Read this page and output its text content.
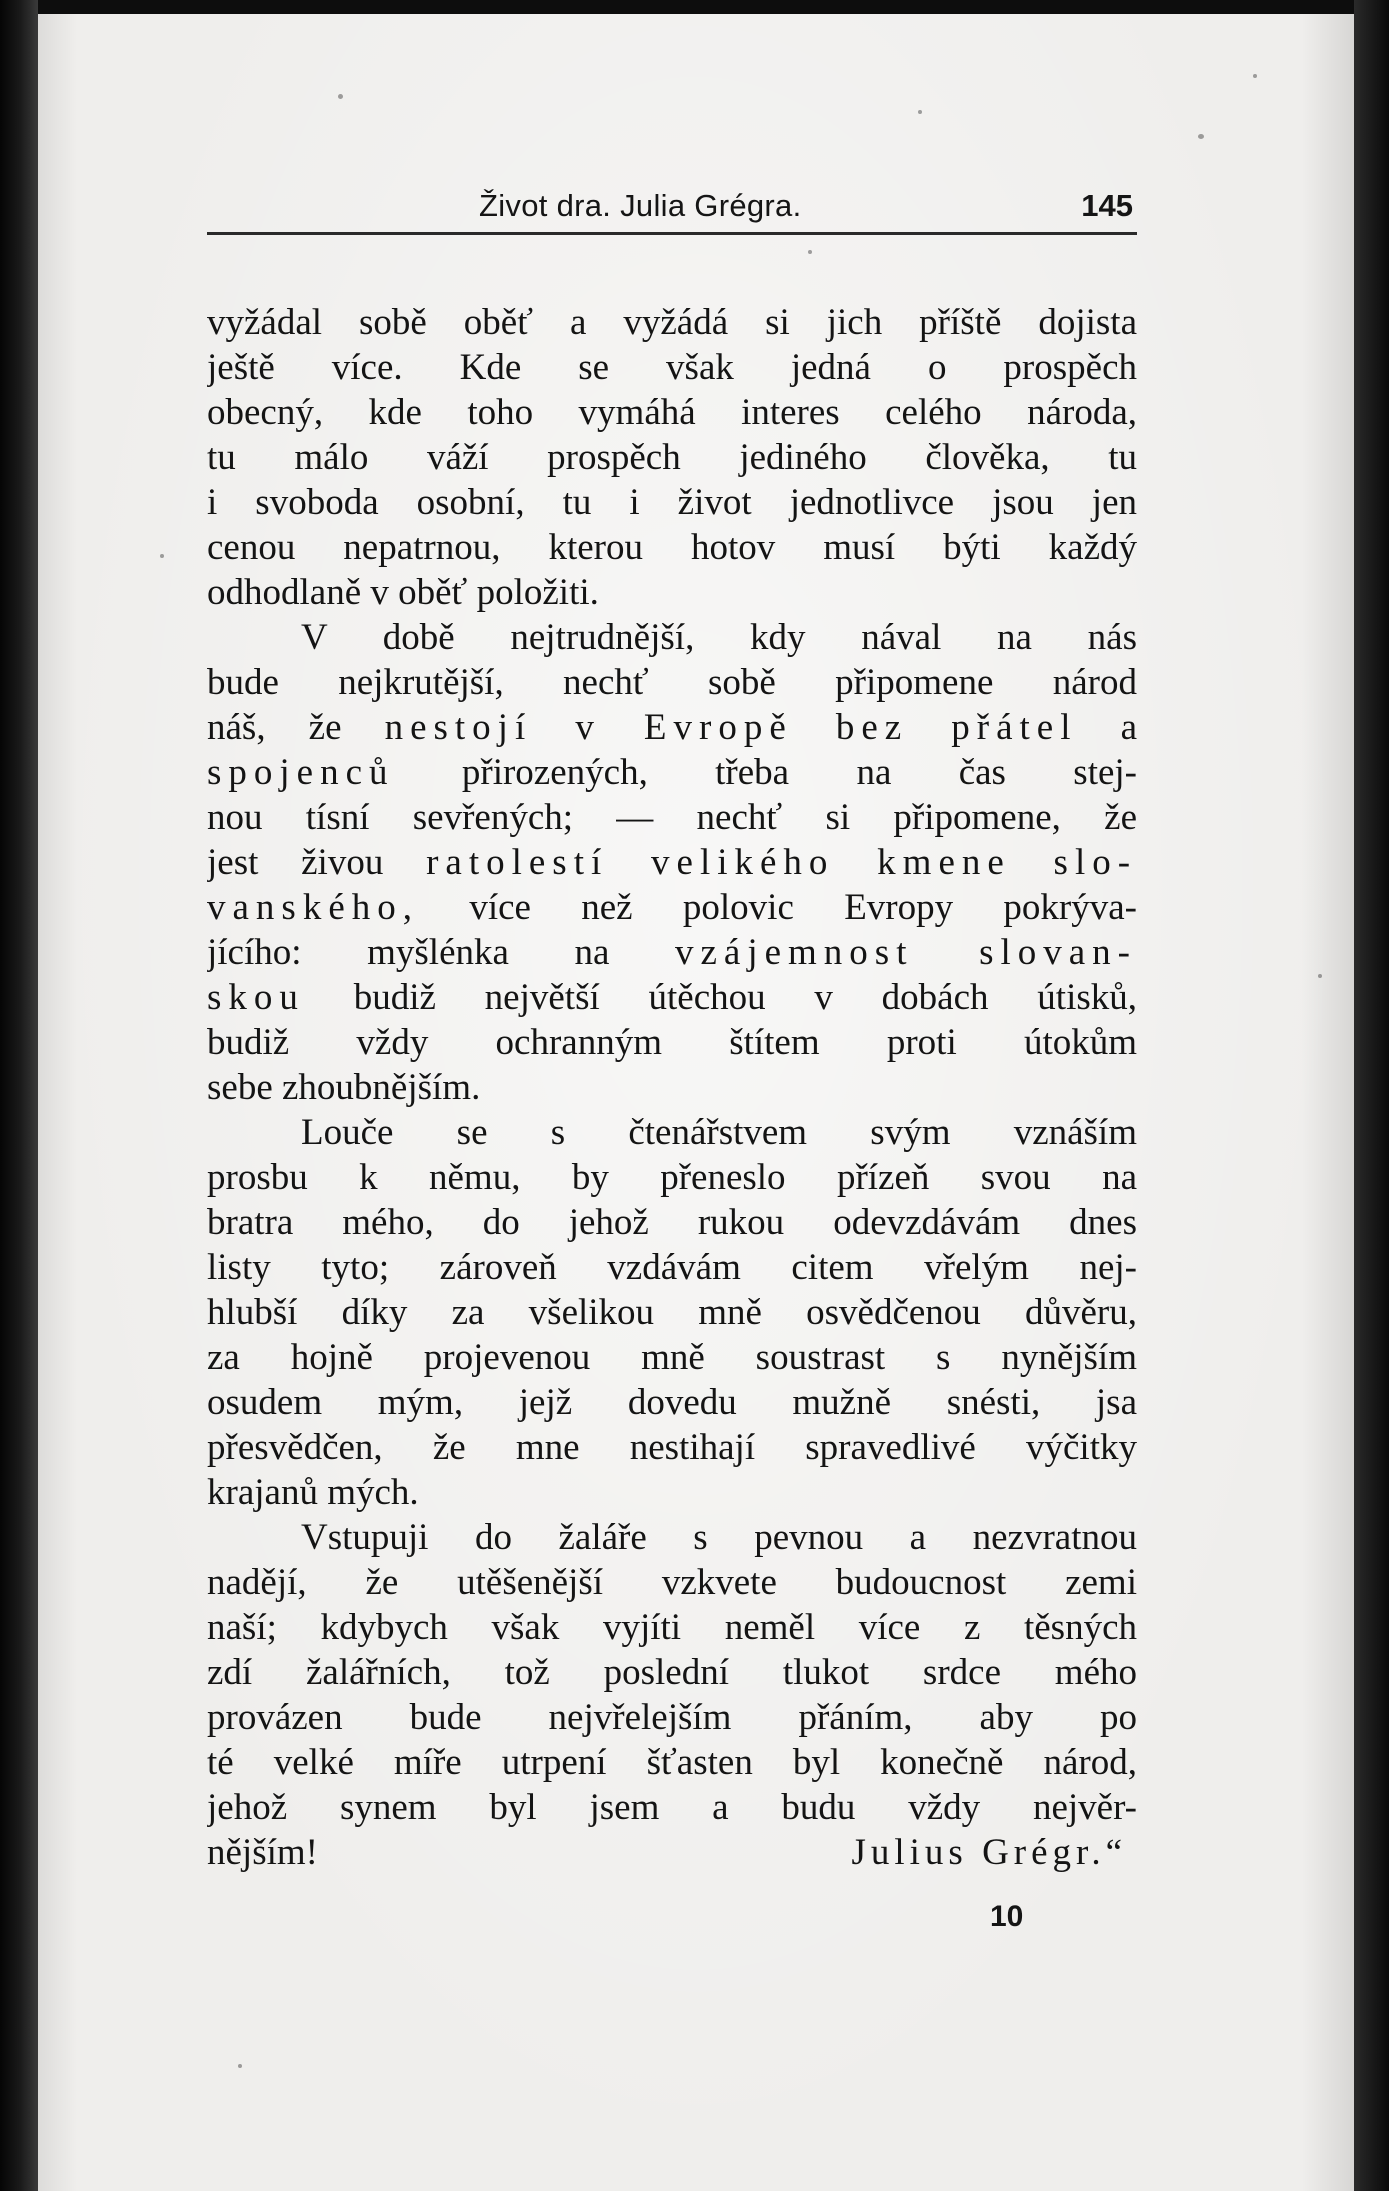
Život dra. Julia Grégra.	145
vyžádal sobě oběť a vyžádá si jich příště dojista
ještě více. Kde se však jedná o prospěch
obecný, kde toho vymáhá interes celého národa,
tu málo váží prospěch jediného člověka, tu
i svoboda osobní, tu i život jednotlivce jsou jen
cenou nepatrnou, kterou hotov musí býti každý
odhodlaně v oběť položiti.
V době nejtrudnější, kdy nával na nás
bude nejkrutější, nechť sobě připomene národ
náš, že nestojí v Evropě bez přátel a
spojenců přirozených, třeba na čas stej-
nou tísní sevřených; — nechť si připomene, že
jest živou ratolestí velikého kmene slo-
vanského, více než polovic Evropy pokrýva-
jícího: myšlénka na vzájemnost slovan-
skou budiž největší útěchou v dobách útisků,
budiž vždy ochranným štítem proti útokům
sebe zhoubnějším.
Louče se s čtenářstvem svým vznáším
prosbu k němu, by přeneslo přízeň svou na
bratra mého, do jehož rukou odevzdávám dnes
listy tyto; zároveň vzdávám citem vřelým nej-
hlubší díky za všelikou mně osvědčenou důvěru,
za hojně projevenou mně soustrast s nynějším
osudem mým, jejž dovedu mužně snésti, jsa
přesvědčen, že mne nestihají spravedlivé výčitky
krajanů mých.
Vstupuji do žaláře s pevnou a nezvratnou
nadějí, že utěšenější vzkvete budoucnost zemi
naší; kdybych však vyjíti neměl více z těsných
zdí žalářních, tož poslední tlukot srdce mého
provázen bude nejvřelejším přáním, aby po
té velké míře utrpení šťasten byl konečně národ,
jehož synem byl jsem a budu vždy nejvěr-
nějším!	Julius Grégr.“
10
